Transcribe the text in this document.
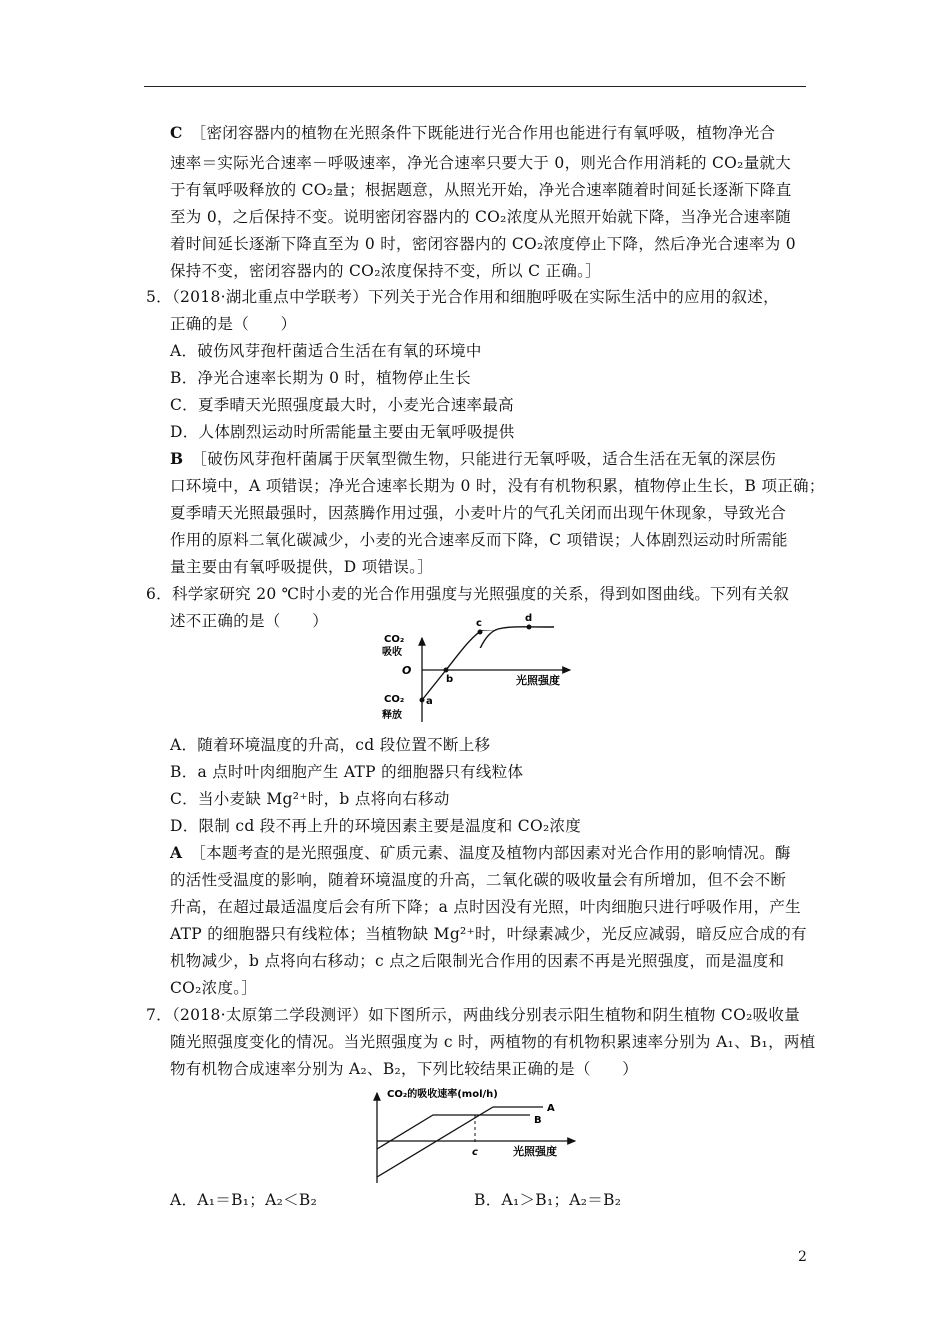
C ［密闭容器内的植物在光照条件下既能进行光合作用也能进行有氧呼吸，植物净光合
速率＝实际光合速率－呼吸速率，净光合速率只要大于 0，则光合作用消耗的 CO₂量就大
于有氧呼吸释放的 CO₂量；根据题意，从照光开始，净光合速率随着时间延长逐渐下降直
至为 0，之后保持不变。说明密闭容器内的 CO₂浓度从光照开始就下降，当净光合速率随
着时间延长逐渐下降直至为 0 时，密闭容器内的 CO₂浓度停止下降，然后净光合速率为 0
保持不变，密闭容器内的 CO₂浓度保持不变，所以 C 正确。］
5．（2018·湖北重点中学联考）下列关于光合作用和细胞呼吸在实际生活中的应用的叙述，
正确的是（　　）
A．破伤风芽孢杆菌适合生活在有氧的环境中
B．净光合速率长期为 0 时，植物停止生长
C．夏季晴天光照强度最大时，小麦光合速率最高
D．人体剧烈运动时所需能量主要由无氧呼吸提供
B ［破伤风芽孢杆菌属于厌氧型微生物，只能进行无氧呼吸，适合生活在无氧的深层伤
口环境中，A 项错误；净光合速率长期为 0 时，没有有机物积累，植物停止生长，B 项正确；
夏季晴天光照最强时，因蒸腾作用过强，小麦叶片的气孔关闭而出现午休现象，导致光合
作用的原料二氧化碳减少，小麦的光合速率反而下降，C 项错误；人体剧烈运动时所需能
量主要由有氧呼吸提供，D 项错误。］
6．科学家研究 20 ℃时小麦的光合作用强度与光照强度的关系，得到如图曲线。下列有关叙
述不正确的是（　　）
CO₂
吸收
O
a
b
CO₂
释放
光照强度
c	d
A．随着环境温度的升高，cd 段位置不断上移
B．a 点时叶肉细胞产生 ATP 的细胞器只有线粒体
C．当小麦缺 Mg²⁺时，b 点将向右移动
D．限制 cd 段不再上升的环境因素主要是温度和 CO₂浓度
A ［本题考查的是光照强度、矿质元素、温度及植物内部因素对光合作用的影响情况。酶
的活性受温度的影响，随着环境温度的升高，二氧化碳的吸收量会有所增加，但不会不断
升高，在超过最适温度后会有所下降；a 点时因没有光照，叶肉细胞只进行呼吸作用，产生
ATP 的细胞器只有线粒体；当植物缺 Mg²⁺时，叶绿素减少，光反应减弱，暗反应合成的有
机物减少，b 点将向右移动；c 点之后限制光合作用的因素不再是光照强度，而是温度和
CO₂浓度。］
7．（2018·太原第二学段测评）如下图所示，两曲线分别表示阳生植物和阴生植物 CO₂吸收量
随光照强度变化的情况。当光照强度为 c 时，两植物的有机物积累速率分别为 A₁、B₁，两植
物有机物合成速率分别为 A₂、B₂，下列比较结果正确的是（　　）
CO₂的吸收速率(mol/h)
A
B
c	光照强度
A．A₁＝B₁；A₂＜B₂	B．A₁＞B₁；A₂＝B₂
2
